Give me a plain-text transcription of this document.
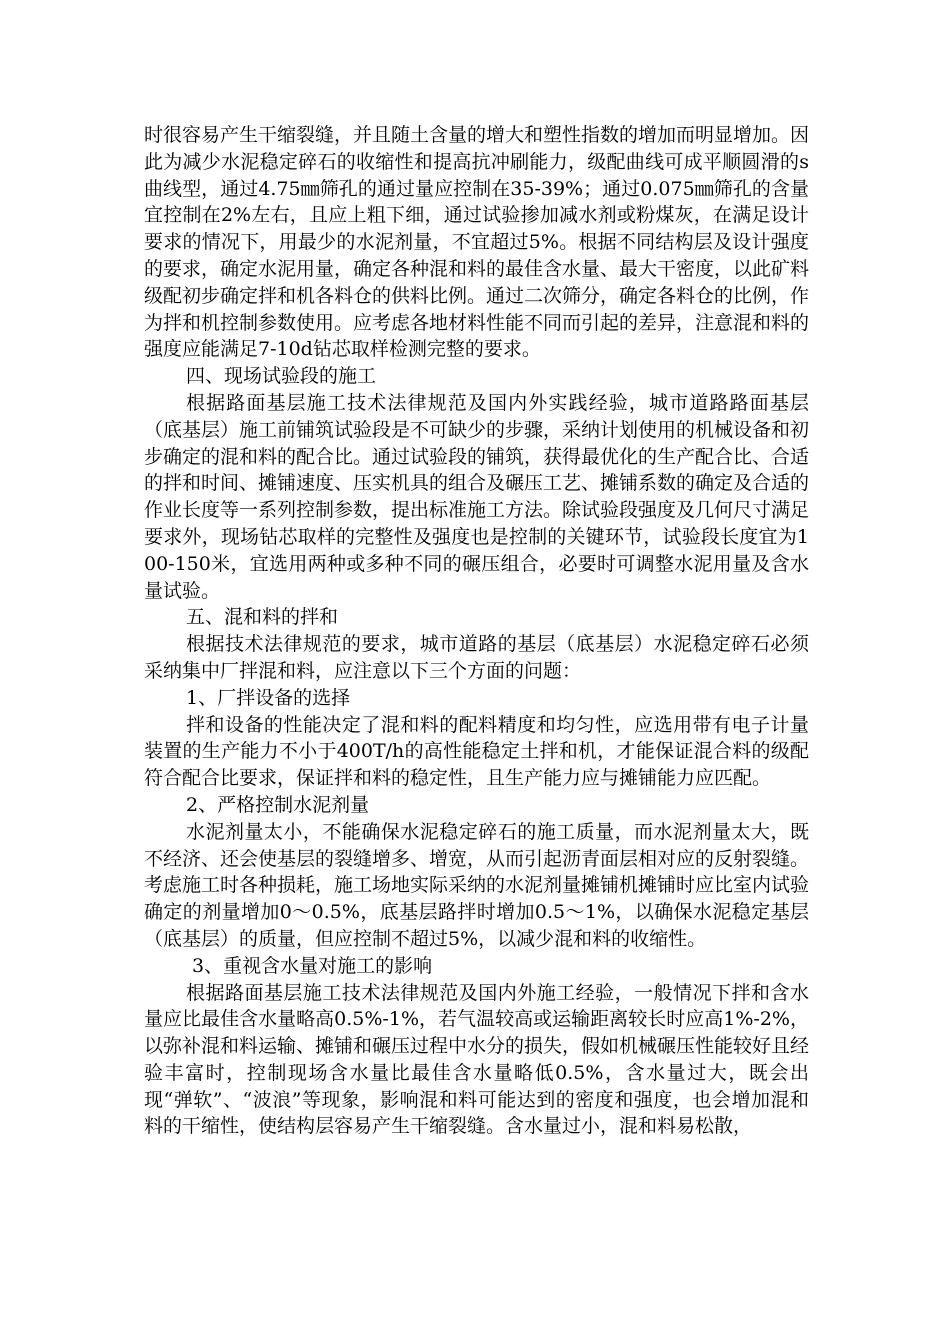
时很容易产生干缩裂缝，并且随土含量的增大和塑性指数的增加而明显增加。因此为减少水泥稳定碎石的收缩性和提高抗冲刷能力，级配曲线可成平顺圆滑的s曲线型，通过4.75㎜筛孔的通过量应控制在35-39%；通过0.075㎜筛孔的含量宜控制在2%左右，且应上粗下细，通过试验掺加减水剂或粉煤灰，在满足设计要求的情况下，用最少的水泥剂量，不宜超过5%。根据不同结构层及设计强度的要求，确定水泥用量，确定各种混和料的最佳含水量、最大干密度，以此矿料级配初步确定拌和机各料仓的供料比例。通过二次筛分，确定各料仓的比例，作为拌和机控制参数使用。应考虑各地材料性能不同而引起的差异，注意混和料的强度应能满足7-10d钻芯取样检测完整的要求。

四、现场试验段的施工

根据路面基层施工技术法律规范及国内外实践经验，城市道路路面基层（底基层）施工前铺筑试验段是不可缺少的步骤，采纳计划使用的机械设备和初步确定的混和料的配合比。通过试验段的铺筑，获得最优化的生产配合比、合适的拌和时间、摊铺速度、压实机具的组合及碾压工艺、摊铺系数的确定及合适的作业长度等一系列控制参数，提出标准施工方法。除试验段强度及几何尺寸满足要求外，现场钻芯取样的完整性及强度也是控制的关键环节，试验段长度宜为100-150米，宜选用两种或多种不同的碾压组合，必要时可调整水泥用量及含水量试验。

五、混和料的拌和

根据技术法律规范的要求，城市道路的基层（底基层）水泥稳定碎石必须采纳集中厂拌混和料，应注意以下三个方面的问题：

1、厂拌设备的选择

拌和设备的性能决定了混和料的配料精度和均匀性，应选用带有电子计量装置的生产能力不小于400T/h的高性能稳定土拌和机，才能保证混合料的级配符合配合比要求，保证拌和料的稳定性，且生产能力应与摊铺能力应匹配。

2、严格控制水泥剂量

水泥剂量太小，不能确保水泥稳定碎石的施工质量，而水泥剂量太大，既不经济、还会使基层的裂缝增多、增宽，从而引起沥青面层相对应的反射裂缝。考虑施工时各种损耗，施工场地实际采纳的水泥剂量摊铺机摊铺时应比室内试验确定的剂量增加0～0.5%，底基层路拌时增加0.5～1%，以确保水泥稳定基层（底基层）的质量，但应控制不超过5%，以减少混和料的收缩性。

3、重视含水量对施工的影响

根据路面基层施工技术法律规范及国内外施工经验，一般情况下拌和含水量应比最佳含水量略高0.5%-1%，若气温较高或运输距离较长时应高1%-2%，以弥补混和料运输、摊铺和碾压过程中水分的损失，假如机械碾压性能较好且经验丰富时，控制现场含水量比最佳含水量略低0.5%，含水量过大，既会出现“弹软”、“波浪”等现象，影响混和料可能达到的密度和强度，也会增加混和料的干缩性，使结构层容易产生干缩裂缝。含水量过小，混和料易松散，
